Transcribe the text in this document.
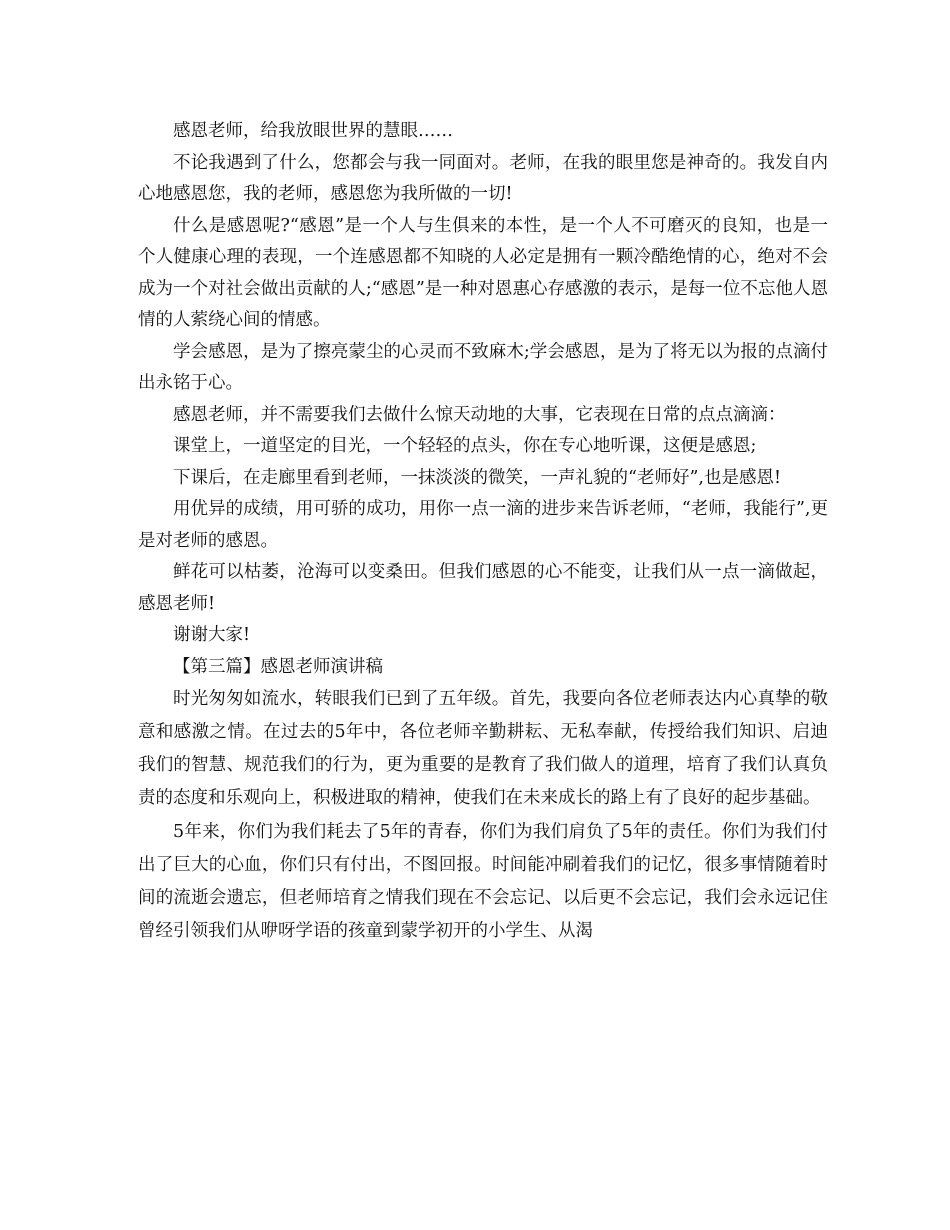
感恩老师，给我放眼世界的慧眼……

不论我遇到了什么，您都会与我一同面对。老师，在我的眼里您是神奇的。我发自内心地感恩您，我的老师，感恩您为我所做的一切!

什么是感恩呢?“感恩”是一个人与生俱来的本性，是一个人不可磨灭的良知，也是一个人健康心理的表现，一个连感恩都不知晓的人必定是拥有一颗冷酷绝情的心，绝对不会成为一个对社会做出贡献的人;“感恩”是一种对恩惠心存感激的表示，是每一位不忘他人恩情的人萦绕心间的情感。

学会感恩，是为了擦亮蒙尘的心灵而不致麻木;学会感恩，是为了将无以为报的点滴付出永铭于心。

感恩老师，并不需要我们去做什么惊天动地的大事，它表现在日常的点点滴滴：

课堂上，一道坚定的目光，一个轻轻的点头，你在专心地听课，这便是感恩;

下课后，在走廊里看到老师，一抹淡淡的微笑，一声礼貌的“老师好”,也是感恩!

用优异的成绩，用可骄的成功，用你一点一滴的进步来告诉老师，“老师，我能行”,更是对老师的感恩。

鲜花可以枯萎，沧海可以变桑田。但我们感恩的心不能变，让我们从一点一滴做起，感恩老师!

谢谢大家!

【第三篇】感恩老师演讲稿

时光匆匆如流水，转眼我们已到了五年级。首先，我要向各位老师表达内心真挚的敬意和感激之情。在过去的5年中，各位老师辛勤耕耘、无私奉献，传授给我们知识、启迪我们的智慧、规范我们的行为，更为重要的是教育了我们做人的道理，培育了我们认真负责的态度和乐观向上，积极进取的精神，使我们在未来成长的路上有了良好的起步基础。

5年来，你们为我们耗去了5年的青春，你们为我们肩负了5年的责任。你们为我们付出了巨大的心血，你们只有付出，不图回报。时间能冲刷着我们的记忆，很多事情随着时间的流逝会遗忘，但老师培育之情我们现在不会忘记、以后更不会忘记，我们会永远记住曾经引领我们从咿呀学语的孩童到蒙学初开的小学生、从渴
